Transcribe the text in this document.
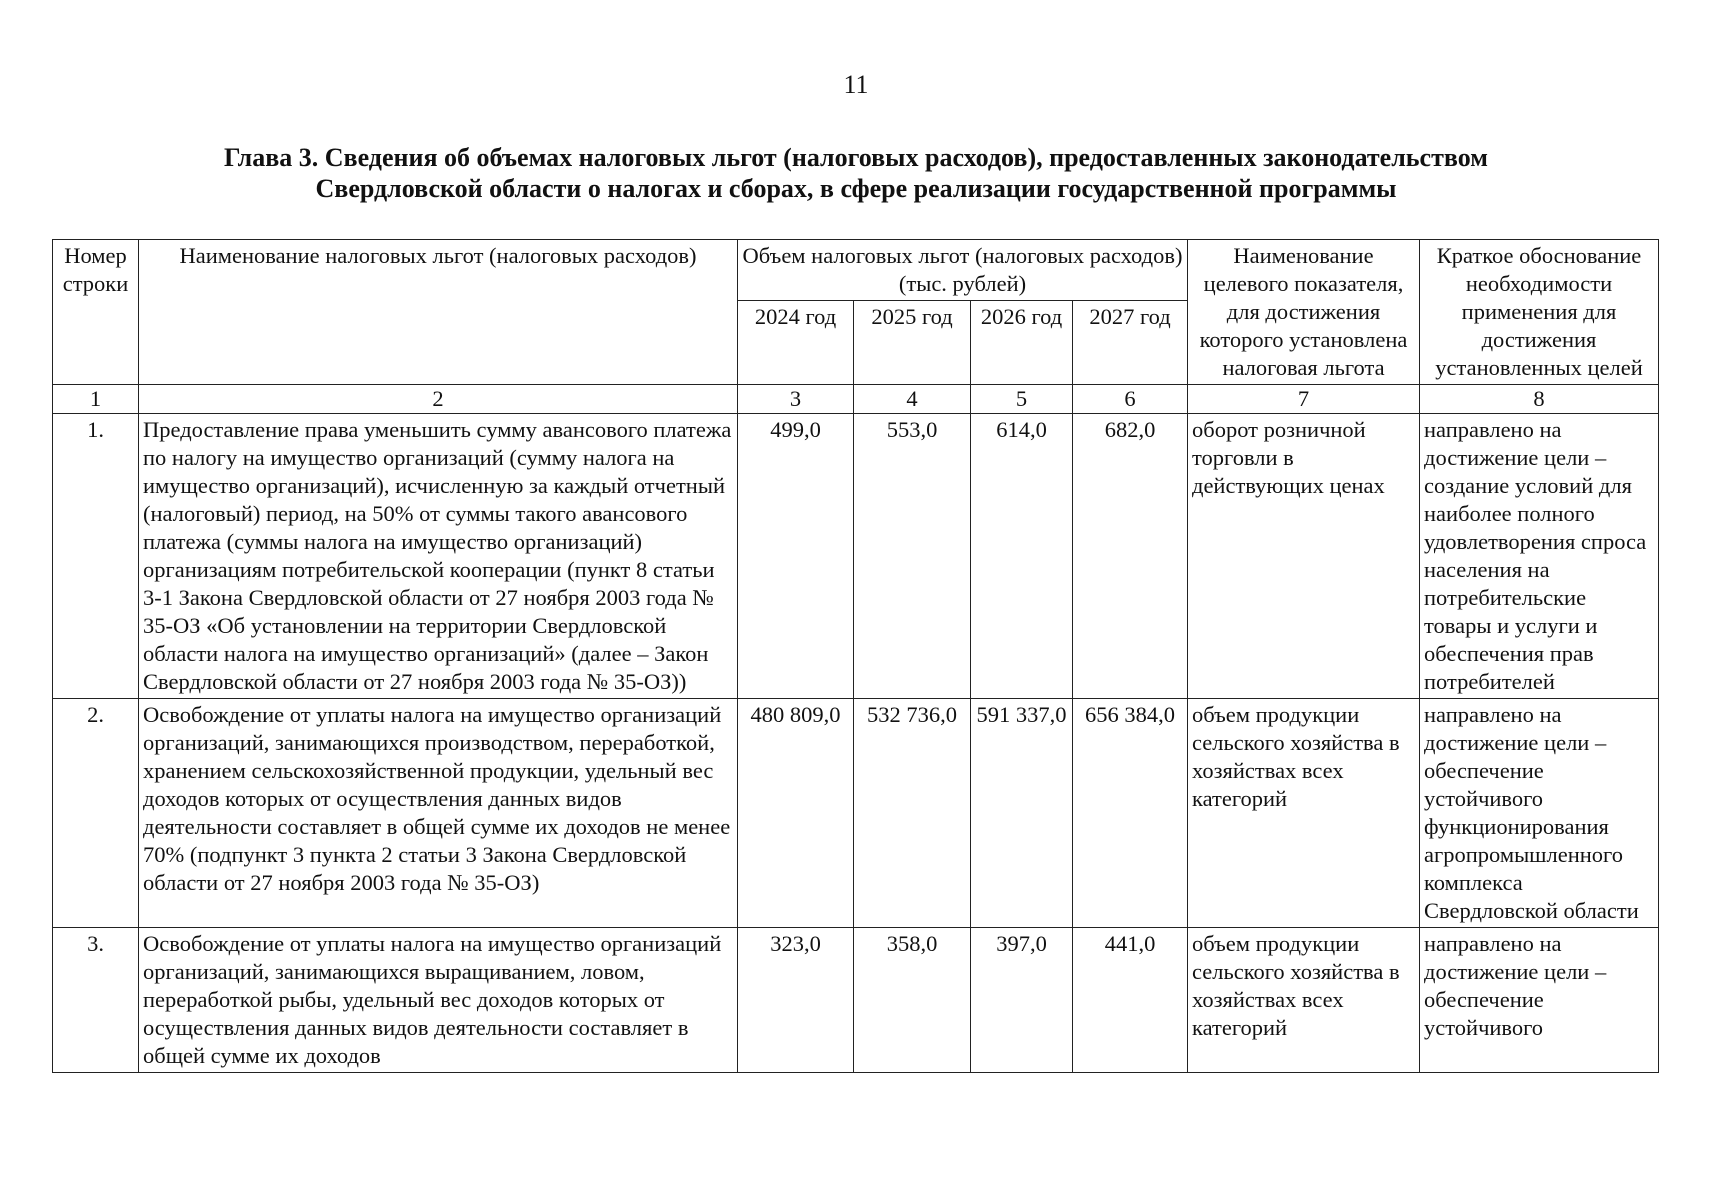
11
Глава 3. Сведения об объемах налоговых льгот (налоговых расходов), предоставленных законодательством
Свердловской области о налогах и сборах, в сфере реализации государственной программы
Номер строки	Наименование налоговых льгот (налоговых расходов)	Объем налоговых льгот (налоговых расходов) (тыс. рублей)				Наименование целевого показателя, для достижения которого установлена налоговая льгота	Краткое обоснование необходимости применения для достижения установленных целей
		2024 год	2025 год	2026 год	2027 год		
1	2	3	4	5	6	7	8
1.	Предоставление права уменьшить сумму авансового платежа по налогу на имущество организаций (сумму налога на имущество организаций), исчисленную за каждый отчетный (налоговый) период, на 50% от суммы такого авансового платежа (суммы налога на имущество организаций) организациям потребительской кооперации (пункт 8 статьи 3-1 Закона Свердловской области от 27 ноября 2003 года № 35-ОЗ «Об установлении на территории Свердловской области налога на имущество организаций» (далее – Закон Свердловской области от 27 ноября 2003 года № 35-ОЗ))	499,0	553,0	614,0	682,0	оборот розничной торговли в действующих ценах	направлено на достижение цели – создание условий для наиболее полного удовлетворения спроса населения на потребительские товары и услуги и обеспечения прав потребителей
2.	Освобождение от уплаты налога на имущество организаций организаций, занимающихся производством, переработкой, хранением сельскохозяйственной продукции, удельный вес доходов которых от осуществления данных видов деятельности составляет в общей сумме их доходов не менее 70% (подпункт 3 пункта 2 статьи 3 Закона Свердловской области от 27 ноября 2003 года № 35-ОЗ)	480 809,0	532 736,0	591 337,0	656 384,0	объем продукции сельского хозяйства в хозяйствах всех категорий	направлено на достижение цели – обеспечение устойчивого функционирования агропромышленного комплекса Свердловской области
3.	Освобождение от уплаты налога на имущество организаций организаций, занимающихся выращиванием, ловом, переработкой рыбы, удельный вес доходов которых от осуществления данных видов деятельности составляет в общей сумме их доходов	323,0	358,0	397,0	441,0	объем продукции сельского хозяйства в хозяйствах всех категорий	направлено на достижение цели – обеспечение устойчивого
